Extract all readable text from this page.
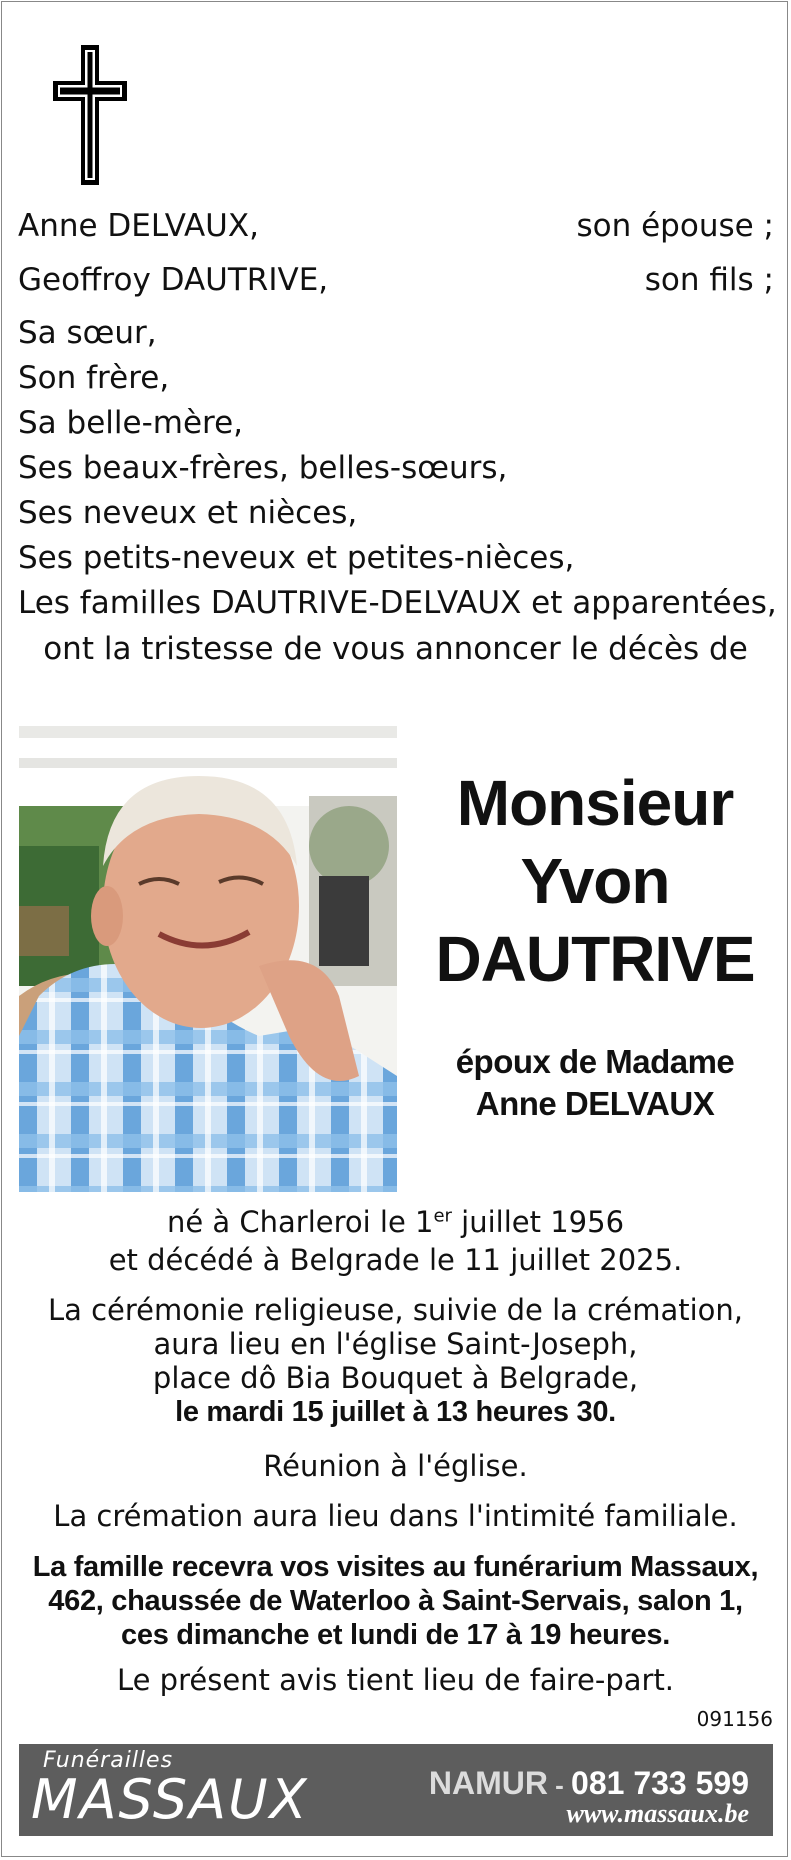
Anne DELVAUX,	son épouse ;
Geoffroy DAUTRIVE,	son fils ;
Sa sœur,
Son frère,
Sa belle-mère,
Ses beaux-frères, belles-sœurs,
Ses neveux et nièces,
Ses petits-neveux et petites-nièces,
Les familles DAUTRIVE-DELVAUX et apparentées,
ont la tristesse de vous annoncer le décès de
Monsieur
Yvon
DAUTRIVE
époux de Madame
Anne DELVAUX
né à Charleroi le 1er juillet 1956
et décédé à Belgrade le 11 juillet 2025.
La cérémonie religieuse, suivie de la crémation,
aura lieu en l'église Saint-Joseph,
place dô Bia Bouquet à Belgrade,
le mardi 15 juillet à 13 heures 30.
Réunion à l'église.
La crémation aura lieu dans l'intimité familiale.
La famille recevra vos visites au funérarium Massaux,
462, chaussée de Waterloo à Saint-Servais, salon 1,
ces dimanche et lundi de 17 à 19 heures.
Le présent avis tient lieu de faire-part.
091156
Funérailles
MASSAUX	NAMUR - 081 733 599
www.massaux.be
